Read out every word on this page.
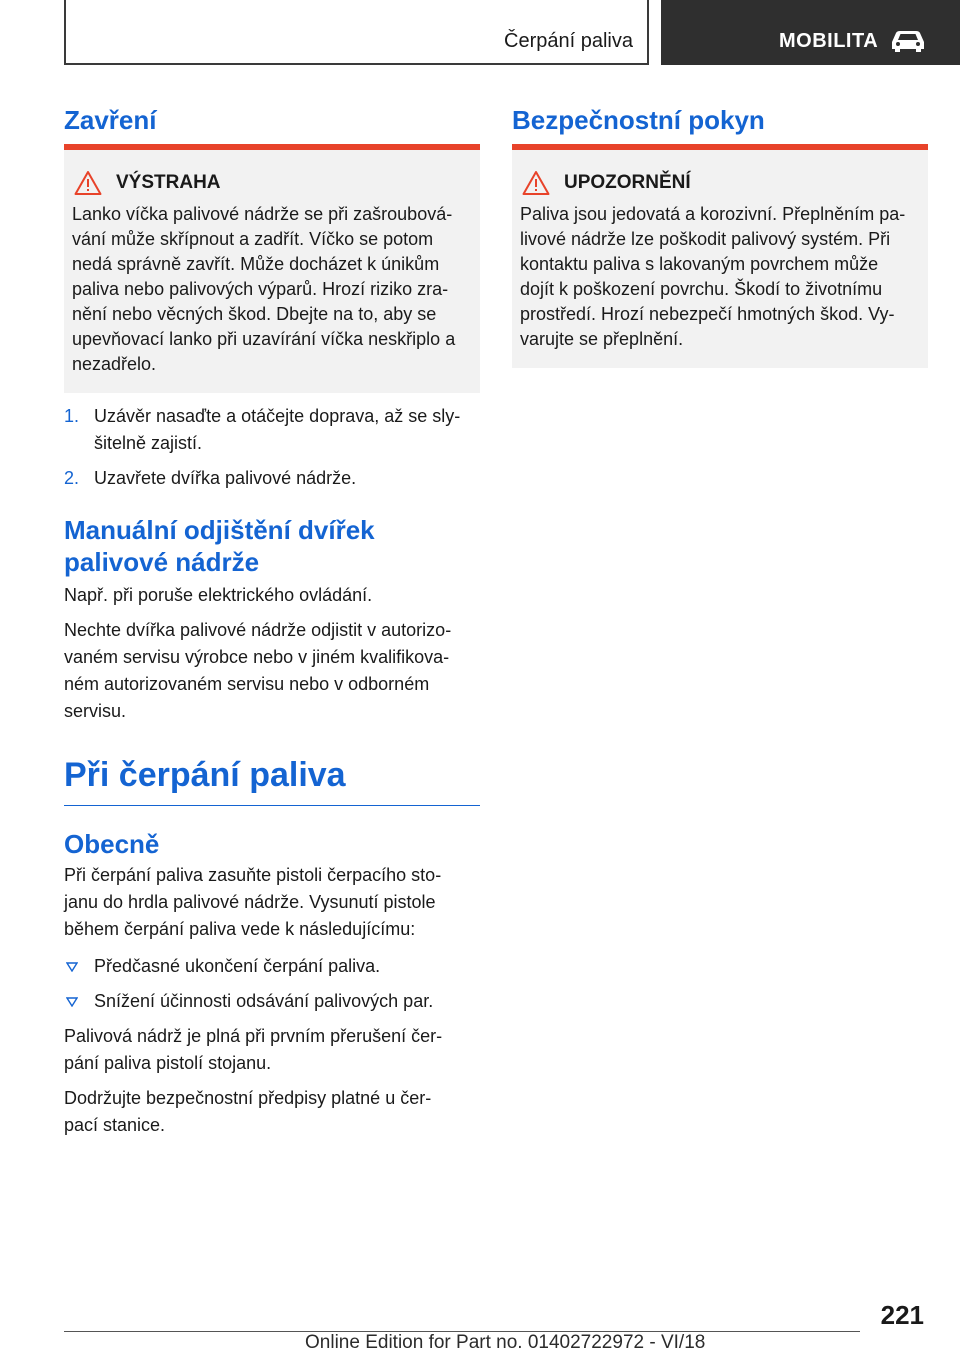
Čerpání paliva	MOBILITA
Zavření
VÝSTRAHA
Lanko víčka palivové nádrže se při zašroubová-
vání může skřípnout a zadřít. Víčko se potom
nedá správně zavřít. Může docházet k únikům
paliva nebo palivových výparů. Hrozí riziko zra-
nění nebo věcných škod. Dbejte na to, aby se
upevňovací lanko při uzavírání víčka neskřiplo a
nezadřelo.
1. Uzávěr nasaďte a otáčejte doprava, až se sly-
šitelně zajistí.
2. Uzavřete dvířka palivové nádrže.
Manuální odjištění dvířek
palivové nádrže
Např. při poruše elektrického ovládání.
Nechte dvířka palivové nádrže odjistit v autorizo-
vaném servisu výrobce nebo v jiném kvalifikova-
ném autorizovaném servisu nebo v odborném
servisu.
Při čerpání paliva
Obecně
Při čerpání paliva zasuňte pistoli čerpacího sto-
janu do hrdla palivové nádrže. Vysunutí pistole
během čerpání paliva vede k následujícímu:
Předčasné ukončení čerpání paliva.
Snížení účinnosti odsávání palivových par.
Palivová nádrž je plná při prvním přerušení čer-
pání paliva pistolí stojanu.
Dodržujte bezpečnostní předpisy platné u čer-
pací stanice.
Bezpečnostní pokyn
UPOZORNĚNÍ
Paliva jsou jedovatá a korozivní. Přeplněním pa-
livové nádrže lze poškodit palivový systém. Při
kontaktu paliva s lakovaným povrchem může
dojít k poškození povrchu. Škodí to životnímu
prostředí. Hrozí nebezpečí hmotných škod. Vy-
varujte se přeplnění.
221
Online Edition for Part no. 01402722972 - VI/18
